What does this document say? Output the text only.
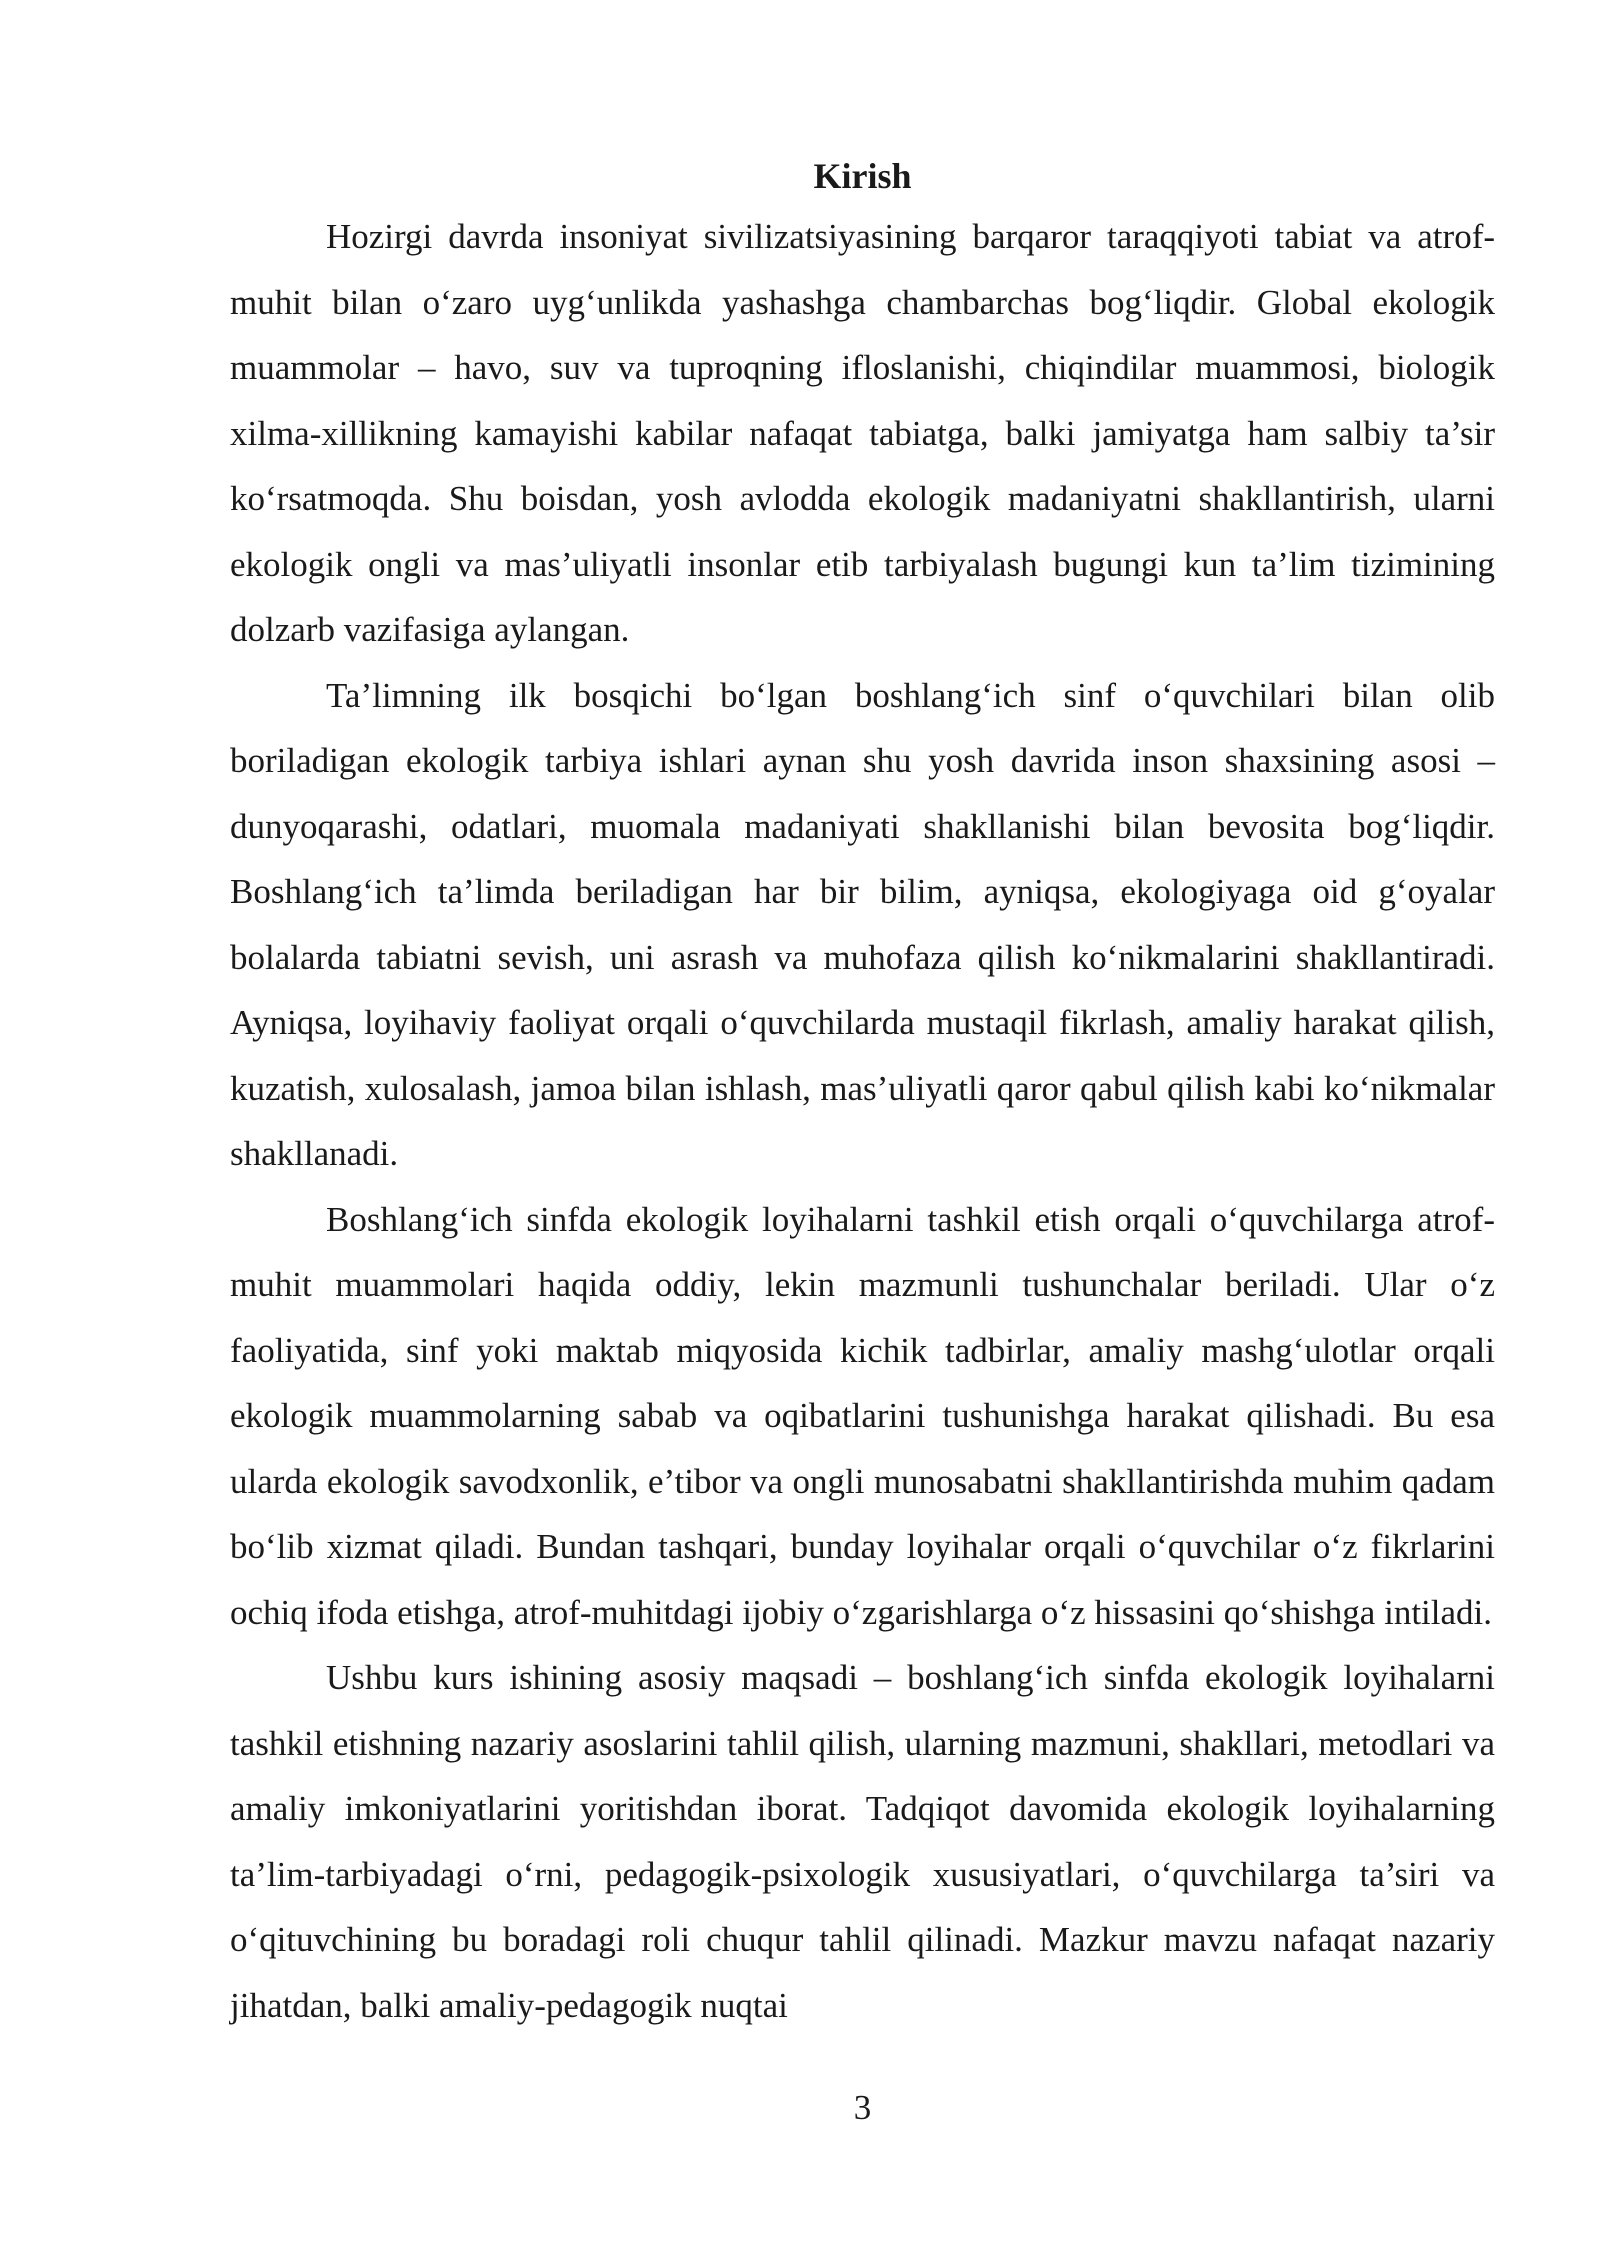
Kirish

Hozirgi davrda insoniyat sivilizatsiyasining barqaror taraqqiyoti tabiat va atrof-muhit bilan o‘zaro uyg‘unlikda yashashga chambarchas bog‘liqdir. Global ekologik muammolar – havo, suv va tuproqning ifloslanishi, chiqindilar muammosi, biologik xilma-xillikning kamayishi kabilar nafaqat tabiatga, balki jamiyatga ham salbiy ta’sir ko‘rsatmoqda. Shu boisdan, yosh avlodda ekologik madaniyatni shakllantirish, ularni ekologik ongli va mas’uliyatli insonlar etib tarbiyalash bugungi kun ta’lim tizimining dolzarb vazifasiga aylangan.

Ta’limning ilk bosqichi bo‘lgan boshlang‘ich sinf o‘quvchilari bilan olib boriladigan ekologik tarbiya ishlari aynan shu yosh davrida inson shaxsining asosi – dunyoqarashi, odatlari, muomala madaniyati shakllanishi bilan bevosita bog‘liqdir. Boshlang‘ich ta’limda beriladigan har bir bilim, ayniqsa, ekologiyaga oid g‘oyalar bolalarda tabiatni sevish, uni asrash va muhofaza qilish ko‘nikmalarini shakllantiradi. Ayniqsa, loyihaviy faoliyat orqali o‘quvchilarda mustaqil fikrlash, amaliy harakat qilish, kuzatish, xulosalash, jamoa bilan ishlash, mas’uliyatli qaror qabul qilish kabi ko‘nikmalar shakllanadi.

Boshlang‘ich sinfda ekologik loyihalarni tashkil etish orqali o‘quvchilarga atrof-muhit muammolari haqida oddiy, lekin mazmunli tushunchalar beriladi. Ular o‘z faoliyatida, sinf yoki maktab miqyosida kichik tadbirlar, amaliy mashg‘ulotlar orqali ekologik muammolarning sabab va oqibatlarini tushunishga harakat qilishadi. Bu esa ularda ekologik savodxonlik, e’tibor va ongli munosabatni shakllantirishda muhim qadam bo‘lib xizmat qiladi. Bundan tashqari, bunday loyihalar orqali o‘quvchilar o‘z fikrlarini ochiq ifoda etishga, atrof-muhitdagi ijobiy o‘zgarishlarga o‘z hissasini qo‘shishga intiladi.

Ushbu kurs ishining asosiy maqsadi – boshlang‘ich sinfda ekologik loyihalarni tashkil etishning nazariy asoslarini tahlil qilish, ularning mazmuni, shakllari, metodlari va amaliy imkoniyatlarini yoritishdan iborat. Tadqiqot davomida ekologik loyihalarning ta’lim-tarbiyadagi o‘rni, pedagogik-psixologik xususiyatlari, o‘quvchilarga ta’siri va o‘qituvchining bu boradagi roli chuqur tahlil qilinadi. Mazkur mavzu nafaqat nazariy jihatdan, balki amaliy-pedagogik nuqtai

3
